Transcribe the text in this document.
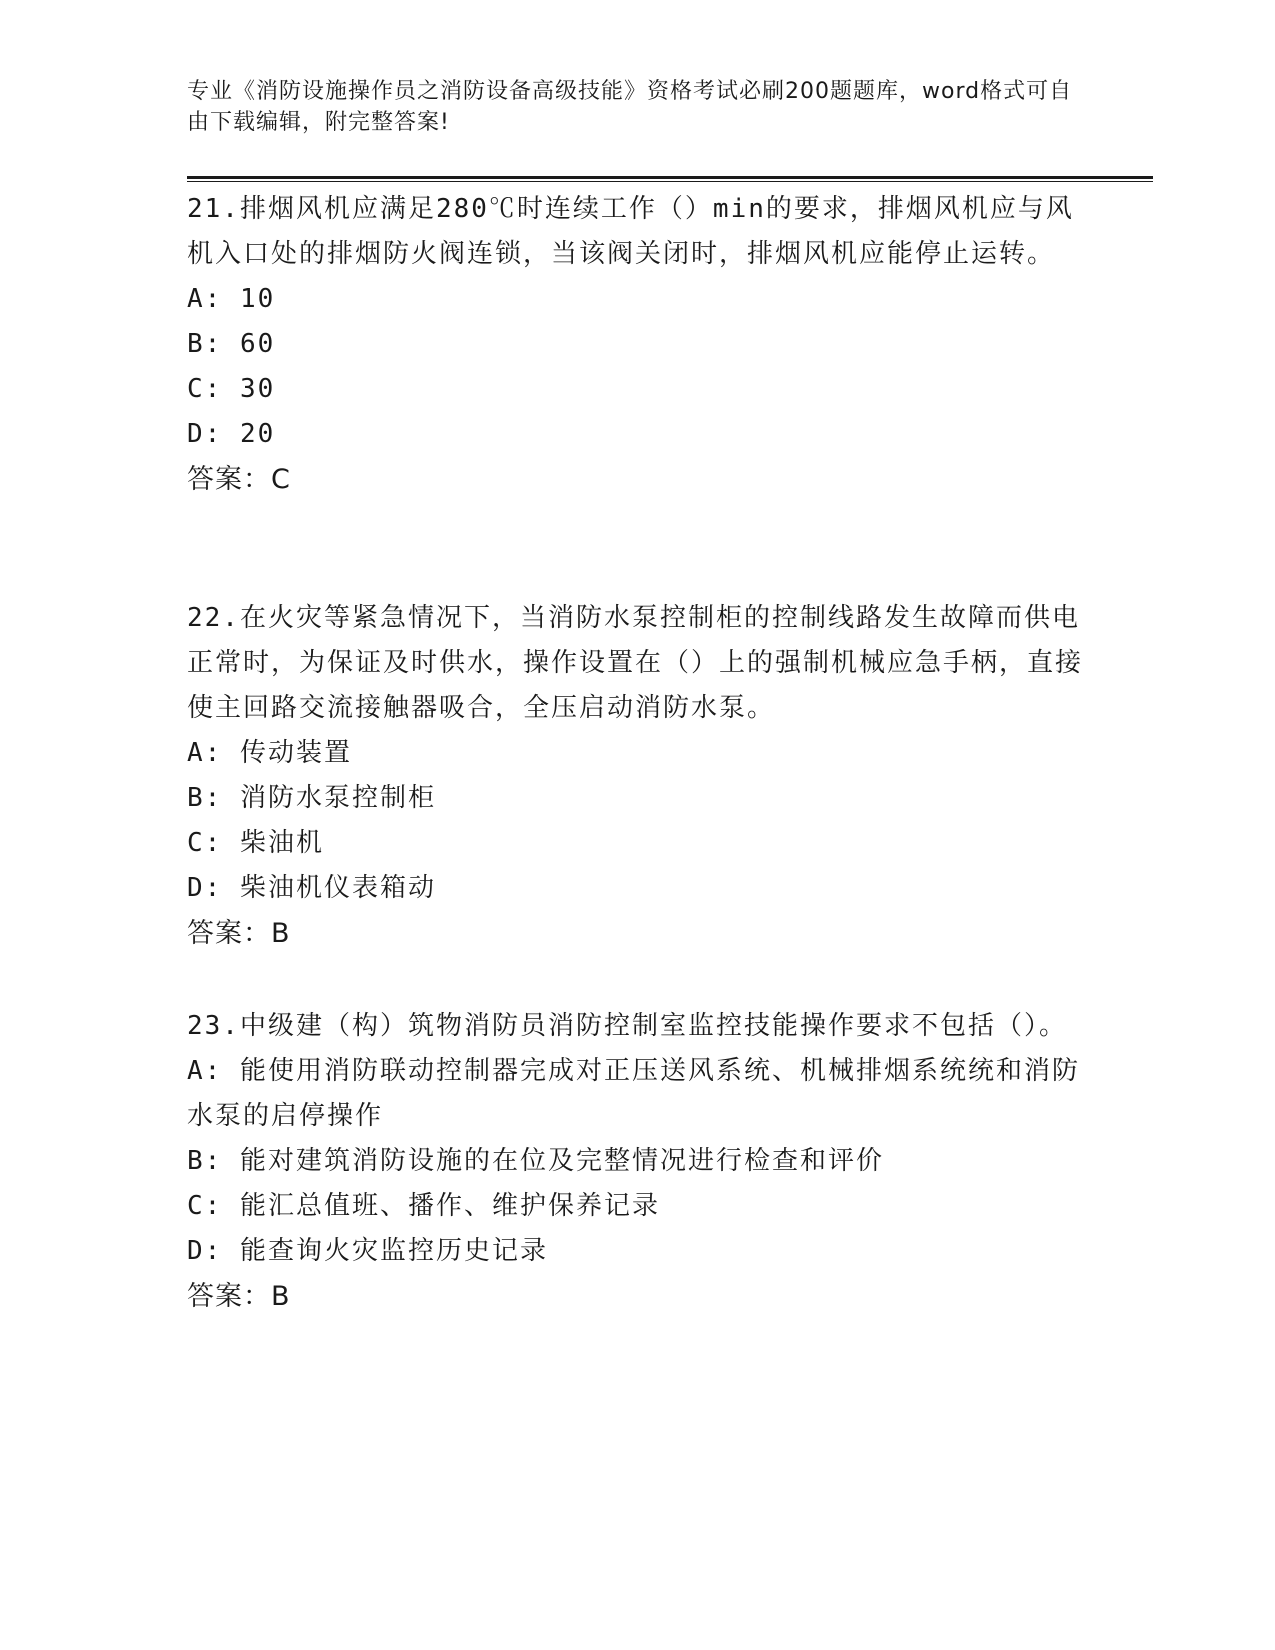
专业《消防设施操作员之消防设备高级技能》资格考试必刷200题题库，word格式可自由下载编辑，附完整答案!

21.排烟风机应满足280℃时连续工作（）min的要求，排烟风机应与风机入口处的排烟防火阀连锁，当该阀关闭时，排烟风机应能停止运转。

A: 10
B: 60
C: 30
D: 20

答案：C

22.在火灾等紧急情况下，当消防水泵控制柜的控制线路发生故障而供电正常时，为保证及时供水，操作设置在（）上的强制机械应急手柄，直接使主回路交流接触器吸合，全压启动消防水泵。

A: 传动装置
B: 消防水泵控制柜
C: 柴油机
D: 柴油机仪表箱动

答案：B

23.中级建（构）筑物消防员消防控制室监控技能操作要求不包括（）。

A: 能使用消防联动控制器完成对正压送风系统、机械排烟系统统和消防水泵的启停操作
B: 能对建筑消防设施的在位及完整情况进行检查和评价
C: 能汇总值班、播作、维护保养记录
D: 能查询火灾监控历史记录

答案：B
